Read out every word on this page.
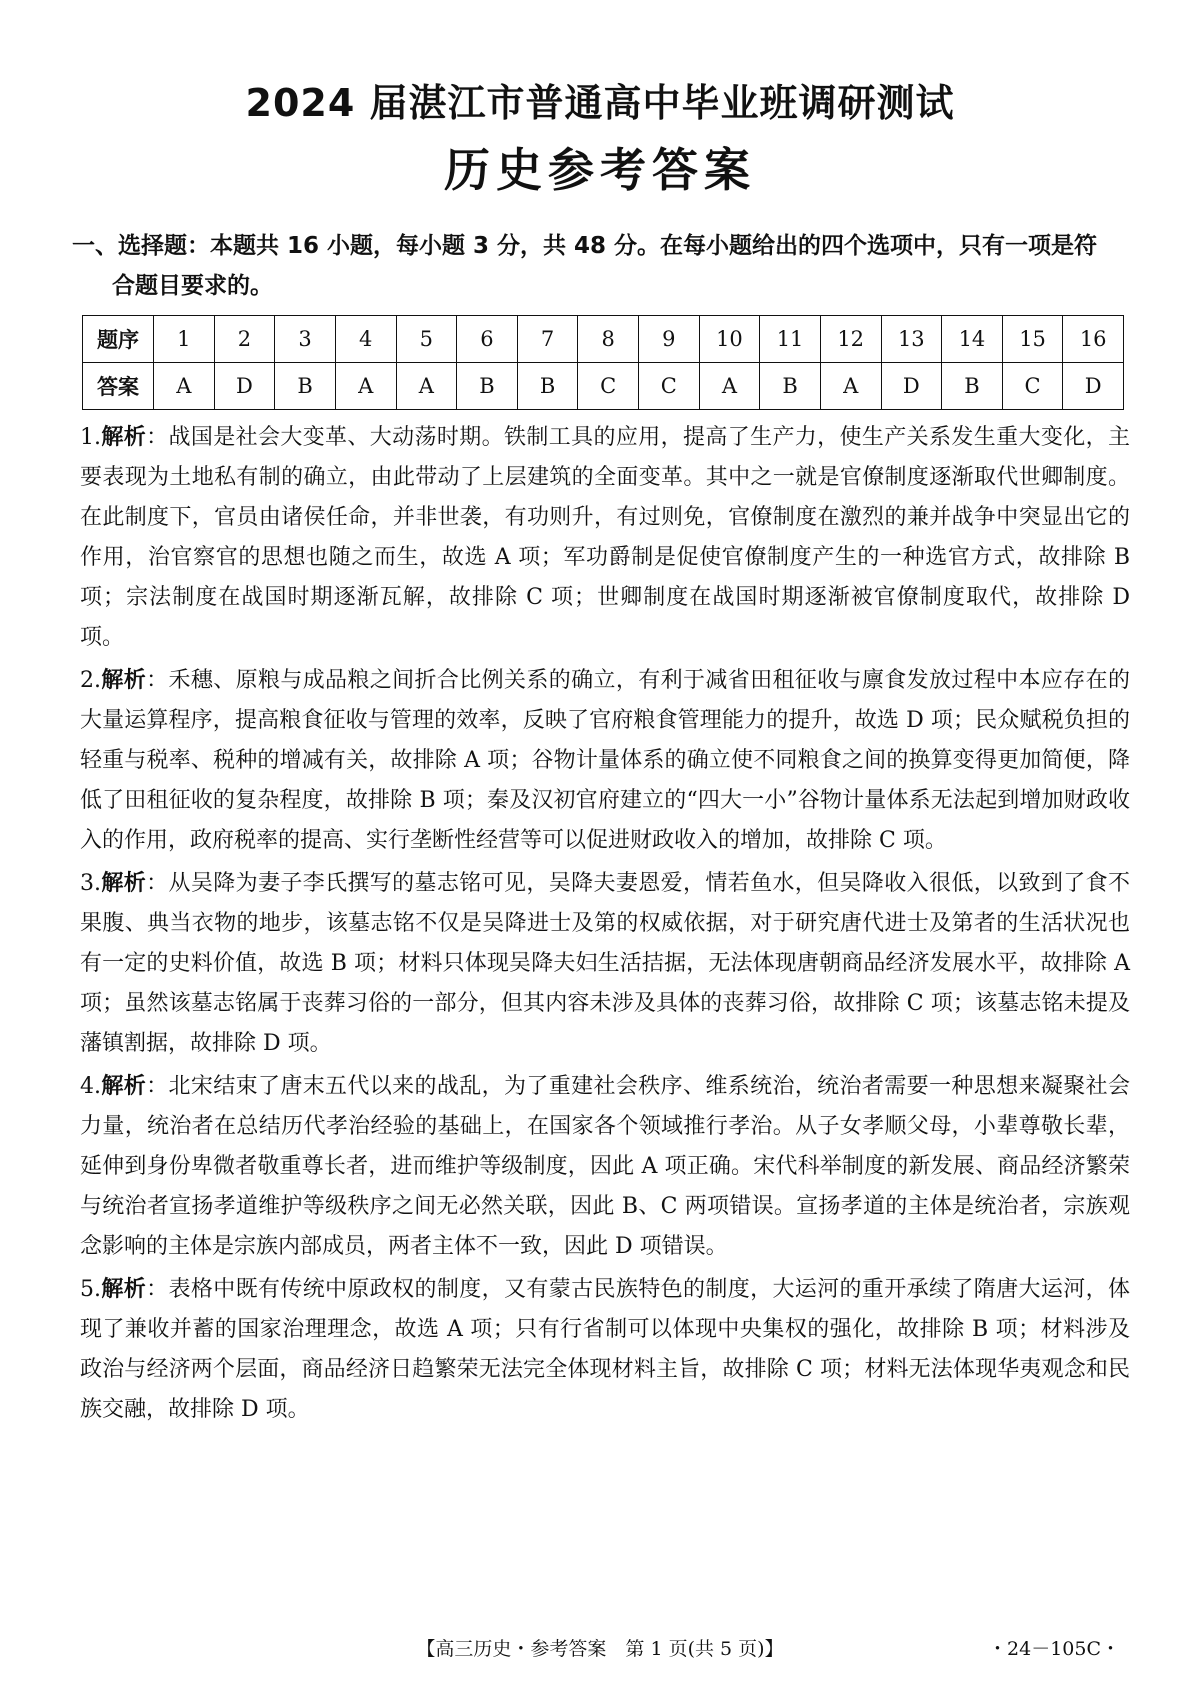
2024 届湛江市普通高中毕业班调研测试
历史参考答案
一、选择题：本题共 16 小题，每小题 3 分，共 48 分。在每小题给出的四个选项中，只有一项是符
合题目要求的。
题序	1	2	3	4	5	6	7	8	9	10	11	12	13	14	15	16
答案	A	D	B	A	A	B	B	C	C	A	B	A	D	B	C	D

1.解析：战国是社会大变革、大动荡时期。铁制工具的应用，提高了生产力，使生产关系发生重大变化，主要表现为土地私有制的确立，由此带动了上层建筑的全面变革。其中之一就是官僚制度逐渐取代世卿制度。在此制度下，官员由诸侯任命，并非世袭，有功则升，有过则免，官僚制度在激烈的兼并战争中突显出它的作用，治官察官的思想也随之而生，故选 A 项；军功爵制是促使官僚制度产生的一种选官方式，故排除 B 项；宗法制度在战国时期逐渐瓦解，故排除 C 项；世卿制度在战国时期逐渐被官僚制度取代，故排除 D 项。

2.解析：禾穗、原粮与成品粮之间折合比例关系的确立，有利于减省田租征收与廪食发放过程中本应存在的大量运算程序，提高粮食征收与管理的效率，反映了官府粮食管理能力的提升，故选 D 项；民众赋税负担的轻重与税率、税种的增减有关，故排除 A 项；谷物计量体系的确立使不同粮食之间的换算变得更加简便，降低了田租征收的复杂程度，故排除 B 项；秦及汉初官府建立的“四大一小”谷物计量体系无法起到增加财政收入的作用，政府税率的提高、实行垄断性经营等可以促进财政收入的增加，故排除 C 项。

3.解析：从吴降为妻子李氏撰写的墓志铭可见，吴降夫妻恩爱，情若鱼水，但吴降收入很低，以致到了食不果腹、典当衣物的地步，该墓志铭不仅是吴降进士及第的权威依据，对于研究唐代进士及第者的生活状况也有一定的史料价值，故选 B 项；材料只体现吴降夫妇生活拮据，无法体现唐朝商品经济发展水平，故排除 A 项；虽然该墓志铭属于丧葬习俗的一部分，但其内容未涉及具体的丧葬习俗，故排除 C 项；该墓志铭未提及藩镇割据，故排除 D 项。

4.解析：北宋结束了唐末五代以来的战乱，为了重建社会秩序、维系统治，统治者需要一种思想来凝聚社会力量，统治者在总结历代孝治经验的基础上，在国家各个领域推行孝治。从子女孝顺父母，小辈尊敬长辈，延伸到身份卑微者敬重尊长者，进而维护等级制度，因此 A 项正确。宋代科举制度的新发展、商品经济繁荣与统治者宣扬孝道维护等级秩序之间无必然关联，因此 B、C 两项错误。宣扬孝道的主体是统治者，宗族观念影响的主体是宗族内部成员，两者主体不一致，因此 D 项错误。

5.解析：表格中既有传统中原政权的制度，又有蒙古民族特色的制度，大运河的重开承续了隋唐大运河，体现了兼收并蓄的国家治理理念，故选 A 项；只有行省制可以体现中央集权的强化，故排除 B 项；材料涉及政治与经济两个层面，商品经济日趋繁荣无法完全体现材料主旨，故排除 C 项；材料无法体现华夷观念和民族交融，故排除 D 项。

【高三历史・参考答案　第 1 页(共 5 页)】	・24－105C・
